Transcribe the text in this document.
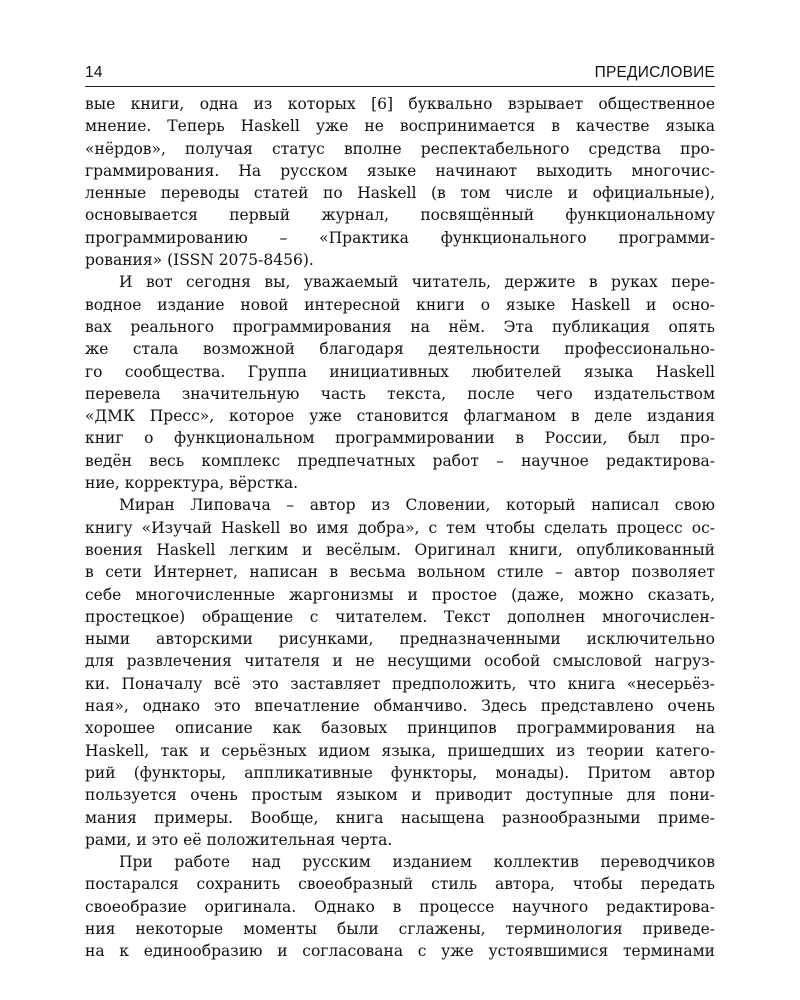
14	ПРЕДИСЛОВИЕ
вые книги, одна из которых [6] буквально взрывает общественное
мнение. Теперь Haskell уже не воспринимается в качестве языка
«нёрдов», получая статус вполне респектабельного средства про-
граммирования. На русском языке начинают выходить многочис-
ленные переводы статей по Haskell (в том числе и официальные),
основывается первый журнал, посвящённый функциональному
программированию – «Практика функционального программи-
рования» (ISSN 2075-8456).
И вот сегодня вы, уважаемый читатель, держите в руках пере-
водное издание новой интересной книги о языке Haskell и осно-
вах реального программирования на нём. Эта публикация опять
же стала возможной благодаря деятельности профессионально-
го сообщества. Группа инициативных любителей языка Haskell
перевела значительную часть текста, после чего издательством
«ДМК Пресс», которое уже становится флагманом в деле издания
книг о функциональном программировании в России, был про-
ведён весь комплекс предпечатных работ – научное редактирова-
ние, корректура, вёрстка.
Миран Липовача – автор из Словении, который написал свою
книгу «Изучай Haskell во имя добра», с тем чтобы сделать процесс ос-
воения Haskell легким и весёлым. Оригинал книги, опубликованный
в сети Интернет, написан в весьма вольном стиле – автор позволяет
себе многочисленные жаргонизмы и простое (даже, можно сказать,
простецкое) обращение с читателем. Текст дополнен многочислен-
ными авторскими рисунками, предназначенными исключительно
для развлечения читателя и не несущими особой смысловой нагруз-
ки. Поначалу всё это заставляет предположить, что книга «несерьёз-
ная», однако это впечатление обманчиво. Здесь представлено очень
хорошее описание как базовых принципов программирования на
Haskell, так и серьёзных идиом языка, пришедших из теории катего-
рий (функторы, аппликативные функторы, монады). Притом автор
пользуется очень простым языком и приводит доступные для пони-
мания примеры. Вообще, книга насыщена разнообразными приме-
рами, и это её положительная черта.
При работе над русским изданием коллектив переводчиков
постарался сохранить своеобразный стиль автора, чтобы передать
своеобразие оригинала. Однако в процессе научного редактирова-
ния некоторые моменты были сглажены, терминология приведе-
на к единообразию и согласована с уже устоявшимися терминами
